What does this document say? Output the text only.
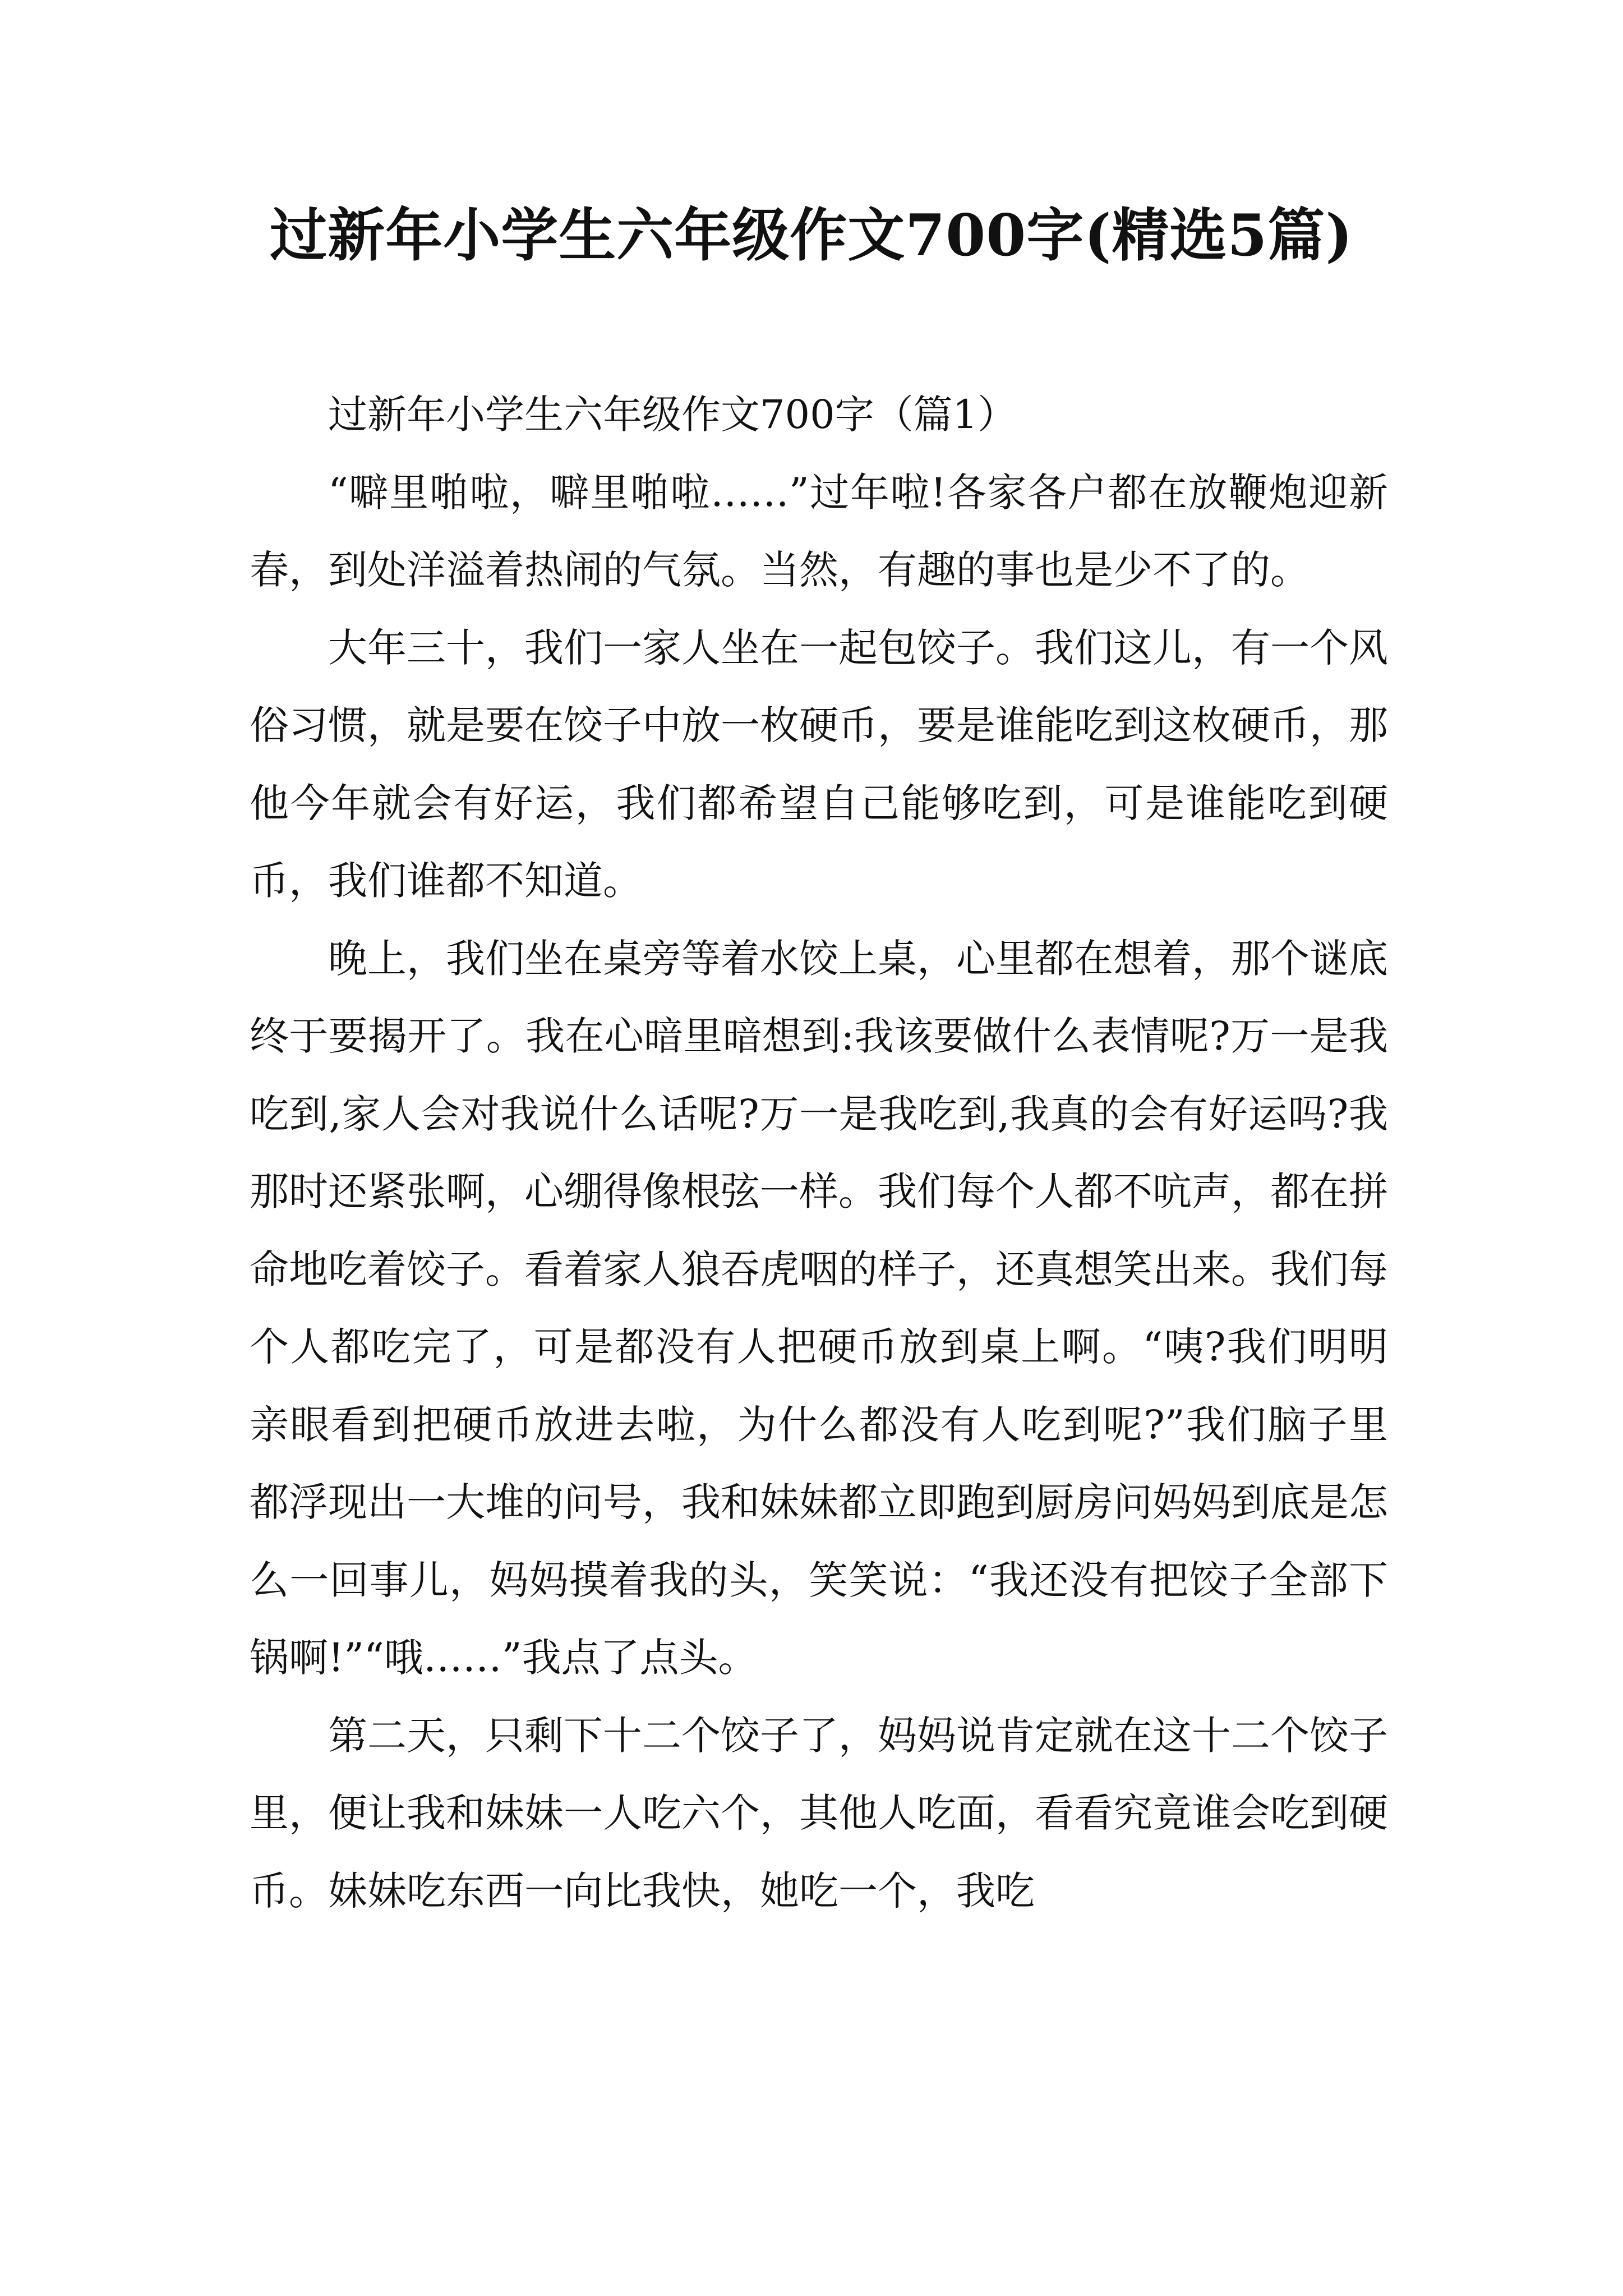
过新年小学生六年级作文700字(精选5篇)

过新年小学生六年级作文700字（篇1）

“噼里啪啦，噼里啪啦……”过年啦!各家各户都在放鞭炮迎新春，到处洋溢着热闹的气氛。当然，有趣的事也是少不了的。

大年三十，我们一家人坐在一起包饺子。我们这儿，有一个风俗习惯，就是要在饺子中放一枚硬币，要是谁能吃到这枚硬币，那他今年就会有好运，我们都希望自己能够吃到，可是谁能吃到硬币，我们谁都不知道。

晚上，我们坐在桌旁等着水饺上桌，心里都在想着，那个谜底终于要揭开了。我在心暗里暗想到:我该要做什么表情呢?万一是我吃到,家人会对我说什么话呢?万一是我吃到,我真的会有好运吗?我那时还紧张啊，心绷得像根弦一样。我们每个人都不吭声，都在拼命地吃着饺子。看着家人狼吞虎咽的样子，还真想笑出来。我们每个人都吃完了，可是都没有人把硬币放到桌上啊。“咦?我们明明亲眼看到把硬币放进去啦，为什么都没有人吃到呢?”我们脑子里都浮现出一大堆的问号，我和妹妹都立即跑到厨房问妈妈到底是怎么一回事儿，妈妈摸着我的头，笑笑说：“我还没有把饺子全部下锅啊!”“哦……”我点了点头。

第二天，只剩下十二个饺子了，妈妈说肯定就在这十二个饺子里，便让我和妹妹一人吃六个，其他人吃面，看看究竟谁会吃到硬币。妹妹吃东西一向比我快，她吃一个，我吃
